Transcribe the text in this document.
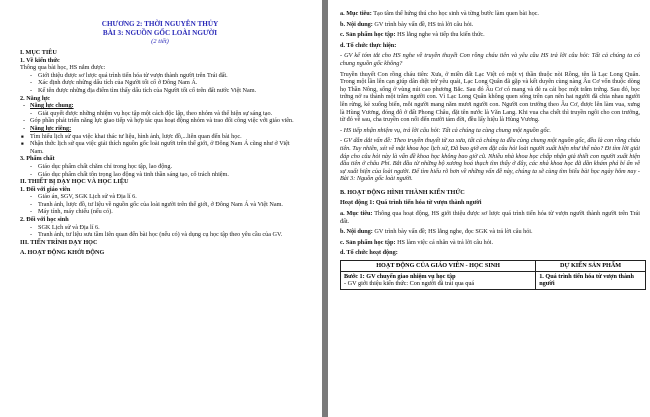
CHƯƠNG 2: THỜI NGUYÊN THỦY

BÀI 3: NGUỒN GỐC LOÀI NGƯỜI

(2 tiết)

I. MỤC TIÊU

1. Về kiến thức

Thông qua bài học, HS nắm được:

- Giới thiệu được sơ lược quá trình tiến hóa từ vượn thành người trên Trái đất.

- Xác định được những dấu tích của Người tối cổ ở Đông Nam Á.

- Kể tên được những địa điểm tìm thấy dấu tích của Người tối cổ trên đất nước Việt Nam.

2. Năng lực

- Năng lực chung:

- Giải quyết được những nhiệm vụ học tập một cách độc lập, theo nhóm và thể hiện sự sáng tạo.

- Góp phần phát triển năng lực giao tiếp và hợp tác qua hoạt động nhóm và trao đổi công việc với giáo viên.

- Năng lực riêng:

■ Tìm hiểu lịch sử qua việc khai thác tư liệu, hình ảnh, lược đồ,...liên quan đến bài học.

■ Nhận thức lịch sử qua việc giải thích nguồn gốc loài người trên thế giới, ở Đông Nam Á cũng như ở Việt Nam.

3. Phẩm chất

- Giáo dục phẩm chất chăm chỉ trong học tập, lao động.

- Giáo dục phẩm chất tôn trọng lao động và tinh thần sáng tạo, cổ trách nhiệm.

II. THIẾT BỊ DẠY HỌC VÀ HỌC LIỆU

1. Đối với giáo viên

- Giáo án, SGV, SGK Lịch sử và Địa lí 6.

- Tranh ảnh, lược đồ, tư liệu về nguồn gốc của loài người trên thế giới, ở Đông Nam Á và Việt Nam.

- Máy tính, máy chiếu (nếu có).

2. Đối với học sinh

- SGK Lịch sử và Địa lí 6.

- Tranh ảnh, tư liệu sưu tầm liên quan đến bài học (nếu có) và dụng cụ học tập theo yêu cầu của GV.

III. TIẾN TRÌNH DẠY HỌC

A. HOẠT ĐỘNG KHỞI ĐỘNG

a. Mục tiêu: Tạo tâm thế hứng thú cho học sinh và từng bước làm quen bài học.

b. Nội dung: GV trình bày vấn đề, HS trả lời câu hỏi.

c. Sản phẩm học tập: HS lắng nghe và tiếp thu kiến thức.

d. Tổ chức thực hiện:

- GV kể tóm tắt cho HS nghe về truyền thuyết Con rồng cháu tiên và yêu cầu HS trả lời câu hỏi: Tất cả chúng ta có chung nguồn gốc không?

Truyền thuyết Con rồng cháu tiên: Xưa, ở miền đất Lạc Việt có một vị thần thuộc nòi Rồng, tên là Lạc Long Quân. Trong một lần lên cạn giúp dân diệt trừ yêu quái, Lạc Long Quân đã gặp và kết duyên cùng nàng Âu Cơ vốn thuộc dòng họ Thần Nông, sống ở vùng núi cao phương Bắc. Sau đó Âu Cơ có mang và đẻ ra cái bọc một trăm trứng. Sau đó, bọc trứng nở ra thành một trăm người con. Vì Lạc Long Quân không quen sống trên cạn nên hai người đã chia nhau người lên rừng, kẻ xuống biển, mỗi người mang năm mươi người con. Người con trưởng theo Âu Cơ, được lên làm vua, xưng là Hùng Vương, đóng đô ở đất Phong Châu, đặt tên nước là Văn Lang. Khi vua cha chết thì truyền ngôi cho con trưởng, từ đó về sau, cha truyền con nối đến mười tám đời, đều lấy hiệu là Hùng Vương.

- HS tiếp nhận nhiệm vụ, trả lời câu hỏi: Tất cả chúng ta cùng chung một nguồn gốc.

- GV dẫn dắt vấn đề: Theo truyền thuyết từ xa xưa, tất cả chúng ta đều cùng chung một nguồn gốc, đều là con rồng cháu tiên. Tuy nhiên, xét về mặt khoa học lịch sử, Đã bao giờ em đặt câu hỏi loài người xuất hiện như thế nào? Đi tìm lời giải đáp cho câu hỏi này là vấn đề khoa học không bao giờ cũ. Nhiều nhà khoa học chấp nhận giả thiết con người xuất hiện đầu tiên ở châu Phi. Bắt đầu từ những bộ xương hoá thạch tìm thấy ở đây, các nhà khoa học đã dần khám phá bí ẩn về sự xuất hiện của loài người. Để tìm hiểu rõ hơn về những vấn đề này, chúng ta sẽ cùng tìm hiểu bài học ngày hôm nay - Bài 3: Nguồn gốc loài người.

B. HOẠT ĐỘNG HÌNH THÀNH KIẾN THỨC

Hoạt động 1: Quá trình tiến hóa từ vượn thành người

a. Mục tiêu: Thông qua hoạt động, HS giới thiệu được sơ lược quá trình tiến hóa từ vượn người thành người trên Trái đất.

b. Nội dung: GV trình bày vấn đề; HS lắng nghe, đọc SGK và trả lời câu hỏi.

c. Sản phẩm học tập: HS làm việc cá nhân và trả lời câu hỏi.

d. Tổ chức hoạt động:

HOẠT ĐỘNG CỦA GIÁO VIÊN - HỌC SINH	DỰ KIẾN SẢN PHẨM

Bước 1: GV chuyển giao nhiệm vụ học tập
- GV giới thiệu kiến thức: Con người đã trải qua quá	1. Quá trình tiến hóa từ vượn thành người
